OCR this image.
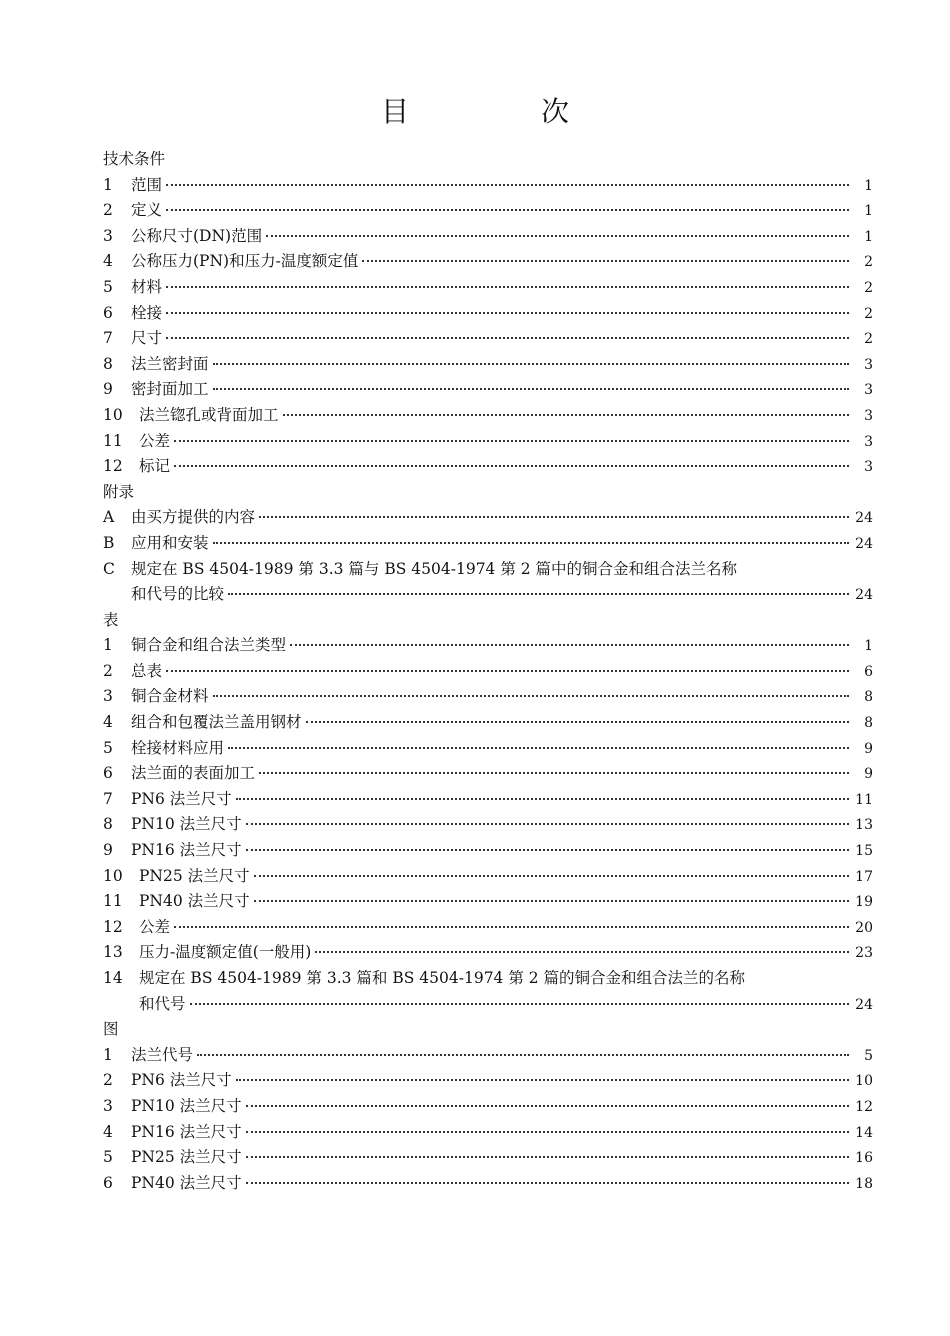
目　次
技术条件
1	范围	1
2	定义	1
3	公称尺寸(DN)范围	1
4	公称压力(PN)和压力-温度额定值	2
5	材料	2
6	栓接	2
7	尺寸	2
8	法兰密封面	3
9	密封面加工	3
10	法兰锪孔或背面加工	3
11	公差	3
12	标记	3
附录
A	由买方提供的内容	24
B	应用和安装	24
C	规定在 BS 4504-1989 第 3.3 篇与 BS 4504-1974 第 2 篇中的铜合金和组合法兰名称
和代号的比较	24
表
1	铜合金和组合法兰类型	1
2	总表	6
3	铜合金材料	8
4	组合和包覆法兰盖用钢材	8
5	栓接材料应用	9
6	法兰面的表面加工	9
7	PN6 法兰尺寸	11
8	PN10 法兰尺寸	13
9	PN16 法兰尺寸	15
10	PN25 法兰尺寸	17
11	PN40 法兰尺寸	19
12	公差	20
13	压力-温度额定值(一般用)	23
14	规定在 BS 4504-1989 第 3.3 篇和 BS 4504-1974 第 2 篇的铜合金和组合法兰的名称
和代号	24
图
1	法兰代号	5
2	PN6 法兰尺寸	10
3	PN10 法兰尺寸	12
4	PN16 法兰尺寸	14
5	PN25 法兰尺寸	16
6	PN40 法兰尺寸	18
